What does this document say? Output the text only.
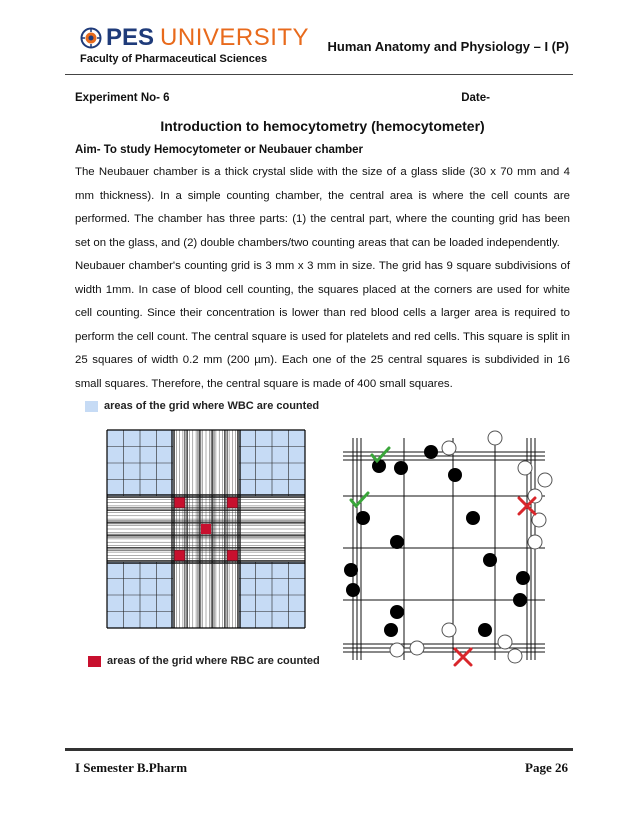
PES UNIVERSITY
Faculty of Pharmaceutical Sciences
Human Anatomy and Physiology – I (P)
Experiment No- 6	Date-
Introduction to hemocytometry (hemocytometer)
Aim- To study Hemocytometer or Neubauer chamber
The Neubauer chamber is a thick crystal slide with the size of a glass slide (30 x 70 mm and 4 mm thickness). In a simple counting chamber, the central area is where the cell counts are performed. The chamber has three parts: (1) the central part, where the counting grid has been set on the glass, and (2) double chambers/two counting areas that can be loaded independently.
Neubauer chamber's counting grid is 3 mm x 3 mm in size. The grid has 9 square subdivisions of width 1mm. In case of blood cell counting, the squares placed at the corners are used for white cell counting. Since their concentration is lower than red blood cells a larger area is required to perform the cell count. The central square is used for platelets and red cells. This square is split in 25 squares of width 0.2 mm (200 µm). Each one of the 25 central squares is subdivided in 16 small squares. Therefore, the central square is made of 400 small squares.
areas of the grid where WBC are counted
areas of the grid where RBC are counted
I Semester B.Pharm	Page 26
